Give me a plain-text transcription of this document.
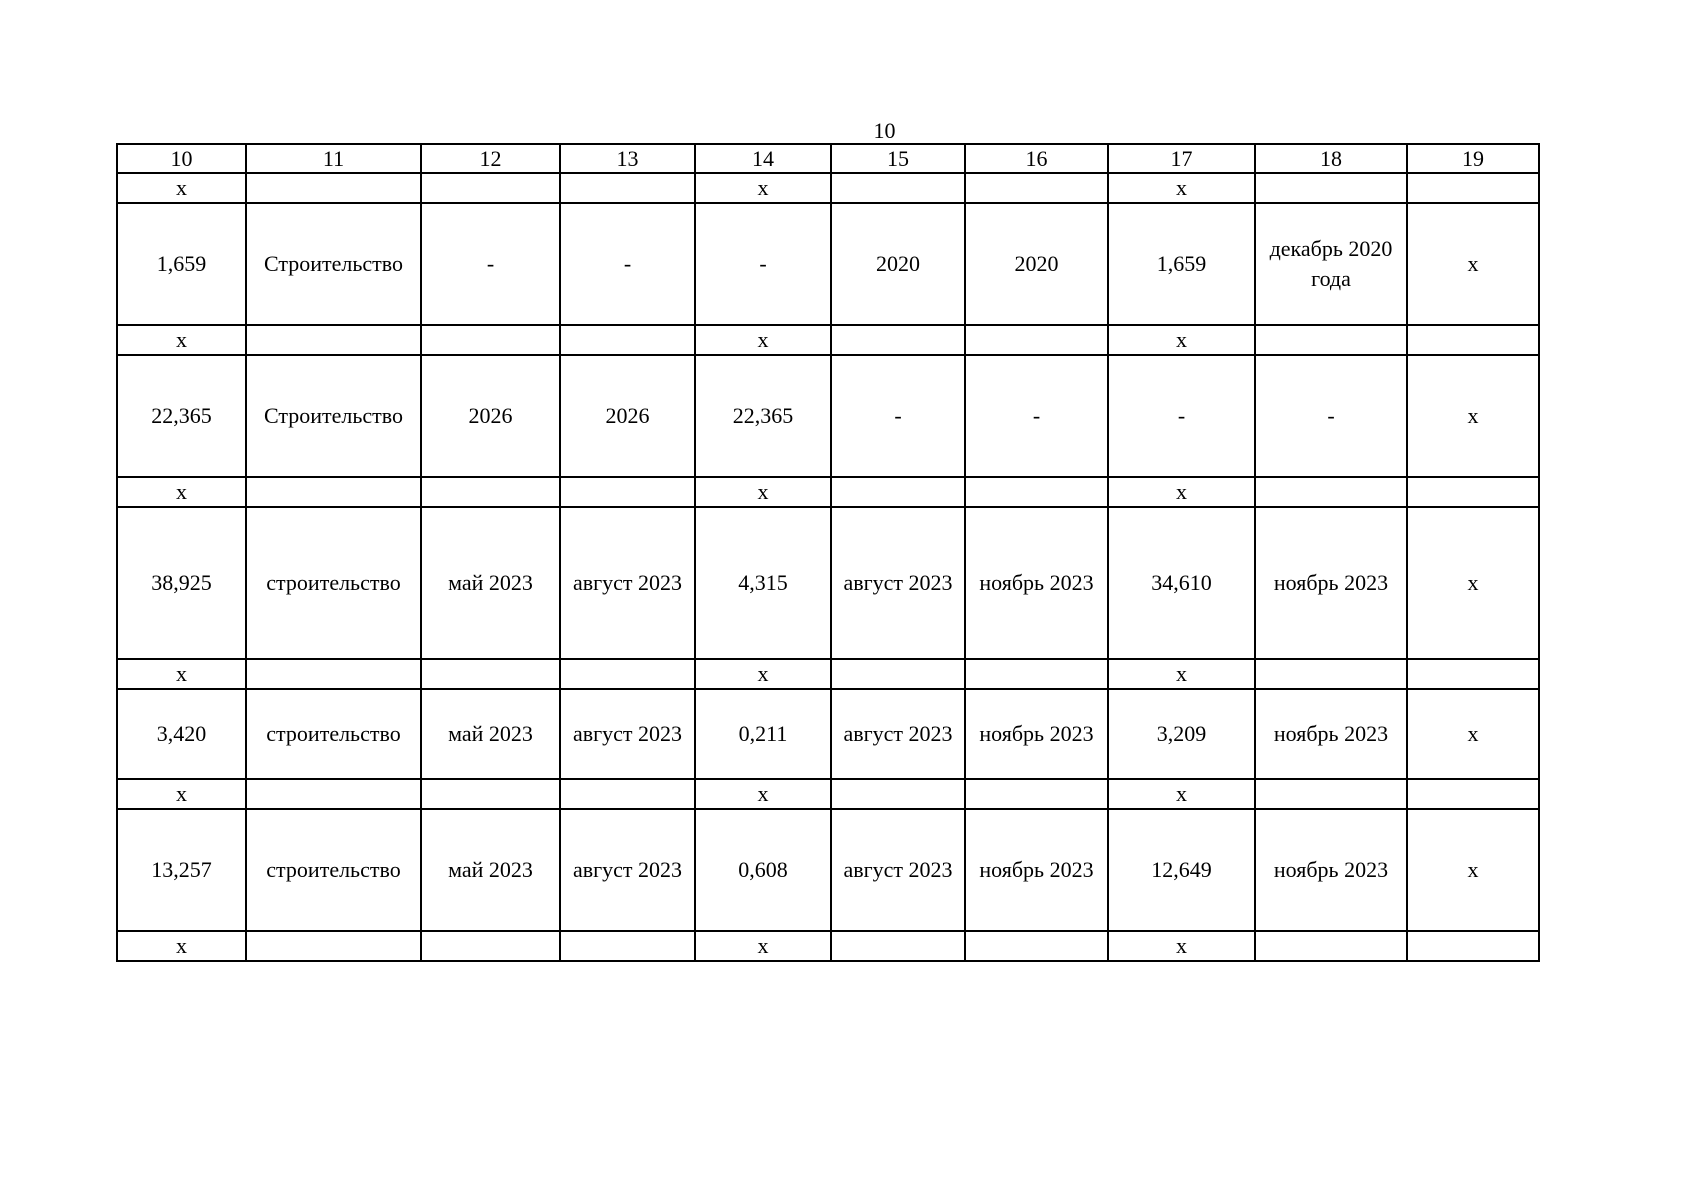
10
10	11	12	13	14	15	16	17	18	19
x				x			x		
1,659	Строительство	-	-	-	2020	2020	1,659	декабрь 2020 года	x
x				x			x		
22,365	Строительство	2026	2026	22,365	-	-	-	-	x
x				x			x		
38,925	строительство	май 2023	август 2023	4,315	август 2023	ноябрь 2023	34,610	ноябрь 2023	x
x				x			x		
3,420	строительство	май 2023	август 2023	0,211	август 2023	ноябрь 2023	3,209	ноябрь 2023	x
x				x			x		
13,257	строительство	май 2023	август 2023	0,608	август 2023	ноябрь 2023	12,649	ноябрь 2023	x
x				x			x		
